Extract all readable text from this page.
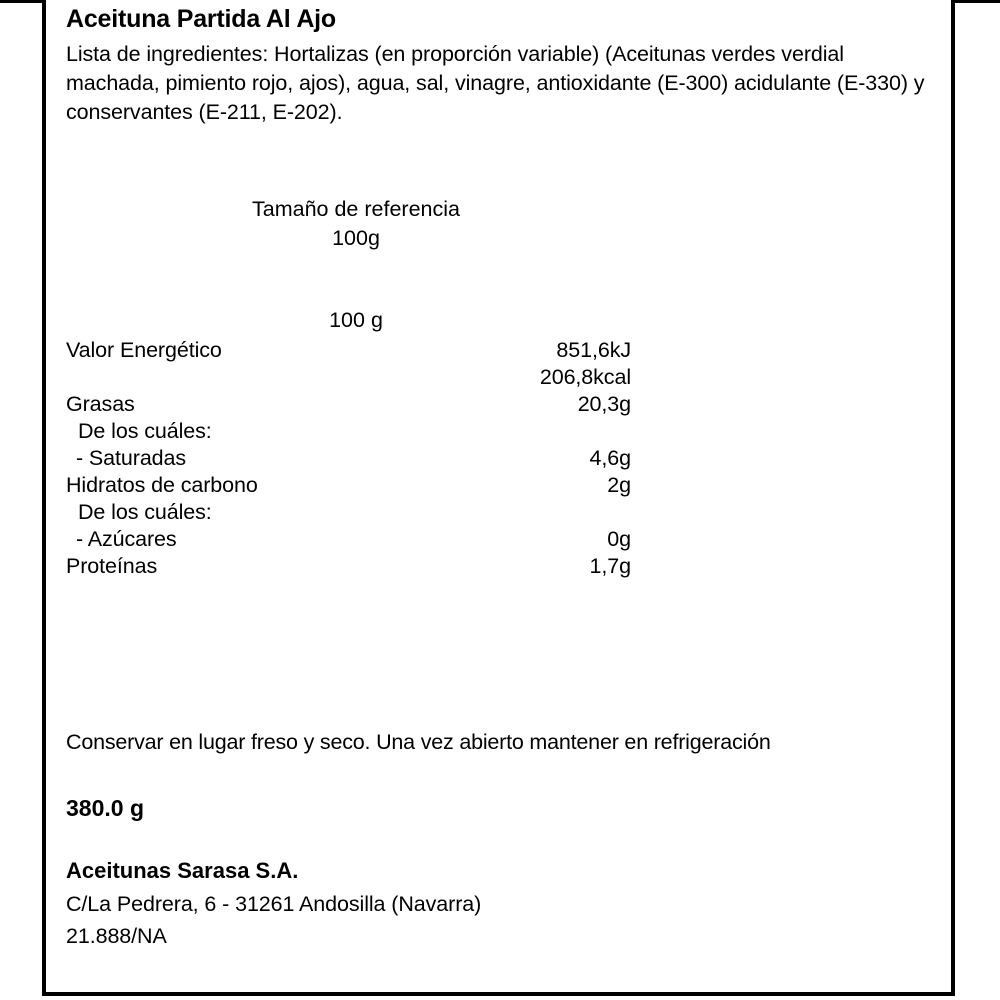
Aceituna Partida Al Ajo
Lista de ingredientes: Hortalizas (en proporción variable) (Aceitunas verdes verdial machada, pimiento rojo, ajos), agua, sal, vinagre, antioxidante (E-300) acidulante (E-330) y conservantes (E-211, E-202).
Tamaño de referencia
100g
100 g
Valor Energético	851,6kJ
	206,8kcal
Grasas	20,3g
De los cuáles:	
- Saturadas	4,6g
Hidratos de carbono	2g
De los cuáles:	
- Azúcares	0g
Proteínas	1,7g
Conservar en lugar freso y seco. Una vez abierto mantener en refrigeración
380.0 g
Aceitunas Sarasa S.A.
C/La Pedrera, 6 - 31261 Andosilla (Navarra)
21.888/NA
